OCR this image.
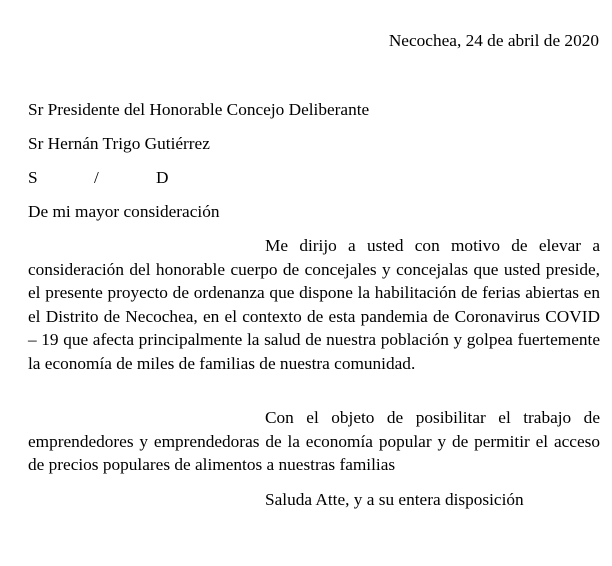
Necochea, 24 de abril de 2020
Sr Presidente del Honorable Concejo Deliberante
Sr Hernán Trigo Gutiérrez
S	/	D
De mi mayor consideración

Me dirijo a usted con motivo de elevar a consideración del honorable cuerpo de concejales y concejalas que usted preside, el presente proyecto de ordenanza que dispone la habilitación de ferias abiertas en el Distrito de Necochea, en el contexto de esta pandemia de Coronavirus COVID – 19 que afecta principalmente la salud de nuestra población y golpea fuertemente la economía de miles de familias de nuestra comunidad.

Con el objeto de posibilitar el trabajo de emprendedores y emprendedoras de la economía popular y de permitir el acceso de precios populares de alimentos a nuestras familias

Saluda Atte, y a su entera disposición
